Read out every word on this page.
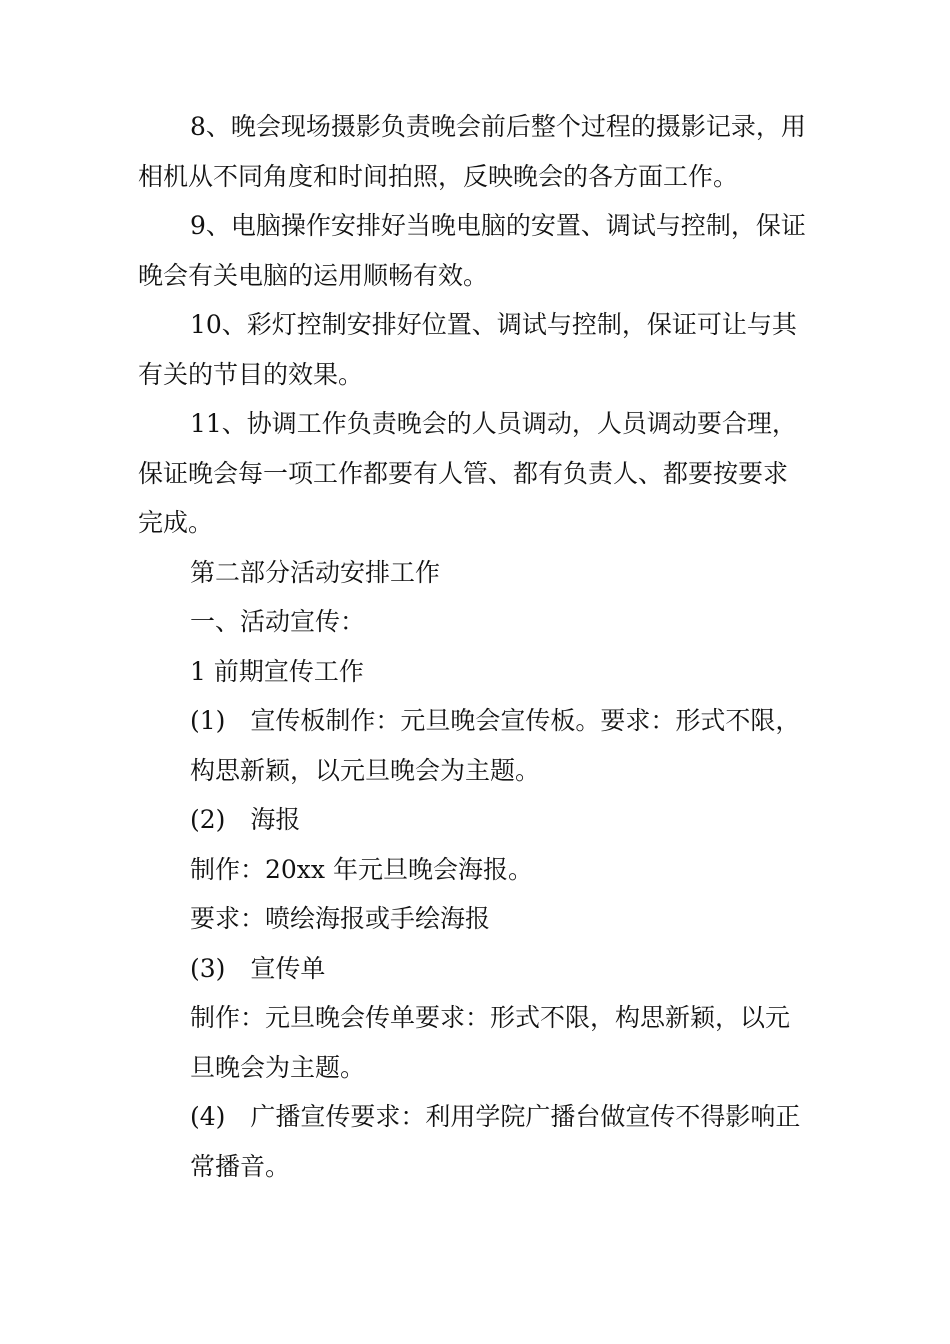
8、晚会现场摄影负责晚会前后整个过程的摄影记录，用
相机从不同角度和时间拍照，反映晚会的各方面工作。
9、电脑操作安排好当晚电脑的安置、调试与控制，保证
晚会有关电脑的运用顺畅有效。
10、彩灯控制安排好位置、调试与控制，保证可让与其
有关的节目的效果。
11、协调工作负责晚会的人员调动，人员调动要合理，
保证晚会每一项工作都要有人管、都有负责人、都要按要求
完成。
第二部分活动安排工作
一、活动宣传：
1 前期宣传工作
(1)　宣传板制作：元旦晚会宣传板。要求：形式不限，
构思新颖，以元旦晚会为主题。
(2)　海报
制作：20xx 年元旦晚会海报。
要求：喷绘海报或手绘海报
(3)　宣传单
制作：元旦晚会传单要求：形式不限，构思新颖，以元
旦晚会为主题。
(4)　广播宣传要求：利用学院广播台做宣传不得影响正
常播音。
